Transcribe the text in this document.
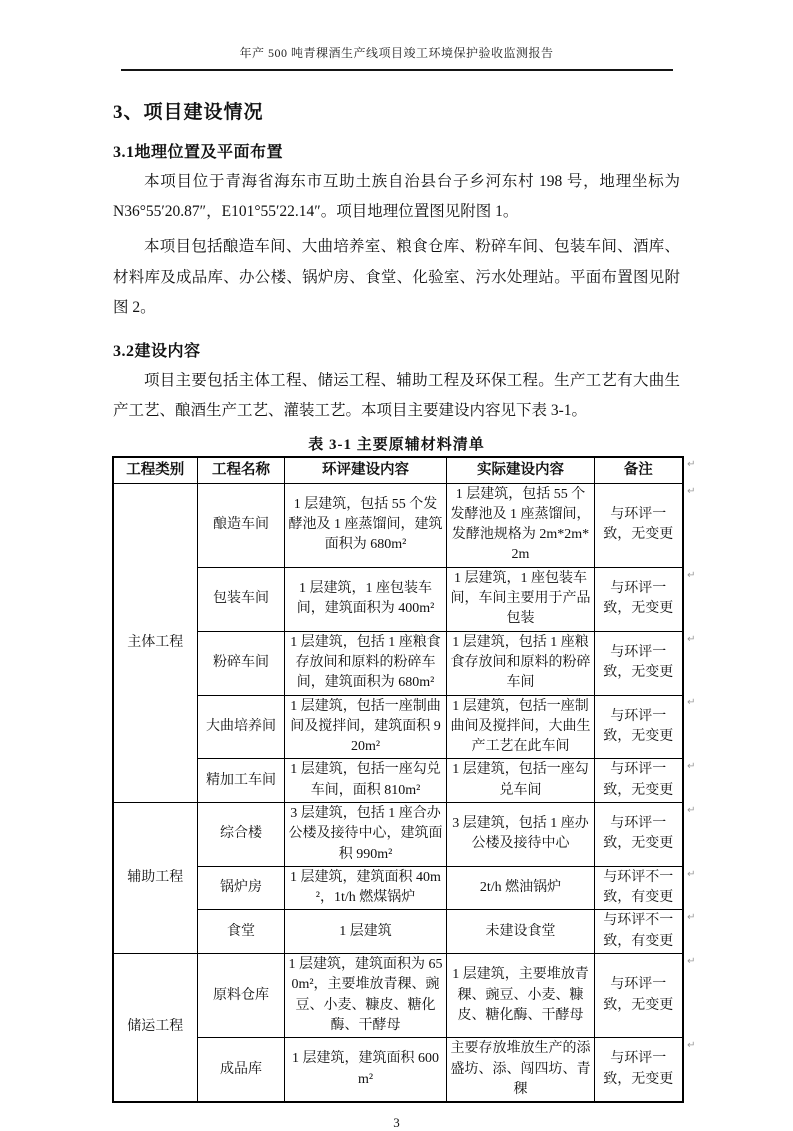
年产 500 吨青稞酒生产线项目竣工环境保护验收监测报告
3、项目建设情况
3.1地理位置及平面布置

本项目位于青海省海东市互助土族自治县台子乡河东村 198 号，地理坐标为N36°55′20.87″，E101°55′22.14″。项目地理位置图见附图 1。

本项目包括酿造车间、大曲培养室、粮食仓库、粉碎车间、包装车间、酒库、材料库及成品库、办公楼、锅炉房、食堂、化验室、污水处理站。平面布置图见附图 2。

3.2建设内容

项目主要包括主体工程、储运工程、辅助工程及环保工程。生产工艺有大曲生产工艺、酿酒生产工艺、灌装工艺。本项目主要建设内容见下表 3-1。

表 3-1 主要原辅材料清单
工程类别	工程名称	环评建设内容	实际建设内容	备注
主体工程	酿造车间	1 层建筑，包括 55 个发酵池及 1 座蒸馏间，建筑面积为 680m²	1 层建筑，包括 55 个发酵池及 1 座蒸馏间，发酵池规格为 2m*2m*2m	与环评一致，无变更
	包装车间	1 层建筑，1 座包装车间，建筑面积为 400m²	1 层建筑，1 座包装车间，车间主要用于产品包装	与环评一致，无变更
	粉碎车间	1 层建筑，包括 1 座粮食存放间和原料的粉碎车间，建筑面积为 680m²	1 层建筑，包括 1 座粮食存放间和原料的粉碎车间	与环评一致，无变更
	大曲培养间	1 层建筑，包括一座制曲间及搅拌间，建筑面积 920m²	1 层建筑，包括一座制曲间及搅拌间，大曲生产工艺在此车间	与环评一致，无变更
	精加工车间	1 层建筑，包括一座勾兑车间，面积 810m²	1 层建筑，包括一座勾兑车间	与环评一致，无变更
辅助工程	综合楼	3 层建筑，包括 1 座合办公楼及接待中心，建筑面积 990m²	3 层建筑，包括 1 座办公楼及接待中心	与环评一致，无变更
	锅炉房	1 层建筑，建筑面积 40m²，1t/h 燃煤锅炉	2t/h 燃油锅炉	与环评不一致，有变更
	食堂	1 层建筑	未建设食堂	与环评不一致，有变更
储运工程	原料仓库	1 层建筑，建筑面积为 650m²，主要堆放青稞、豌豆、小麦、糠皮、糖化酶、干酵母	1 层建筑，主要堆放青稞、豌豆、小麦、糠皮、糖化酶、干酵母	与环评一致，无变更
	成品库	1 层建筑，建筑面积 600m²	主要存放堆放生产的添盛坊、添、闯四坊、青稞	与环评一致，无变更
↵
↵
↵
↵
↵
↵
↵
↵
↵
↵
↵
3
